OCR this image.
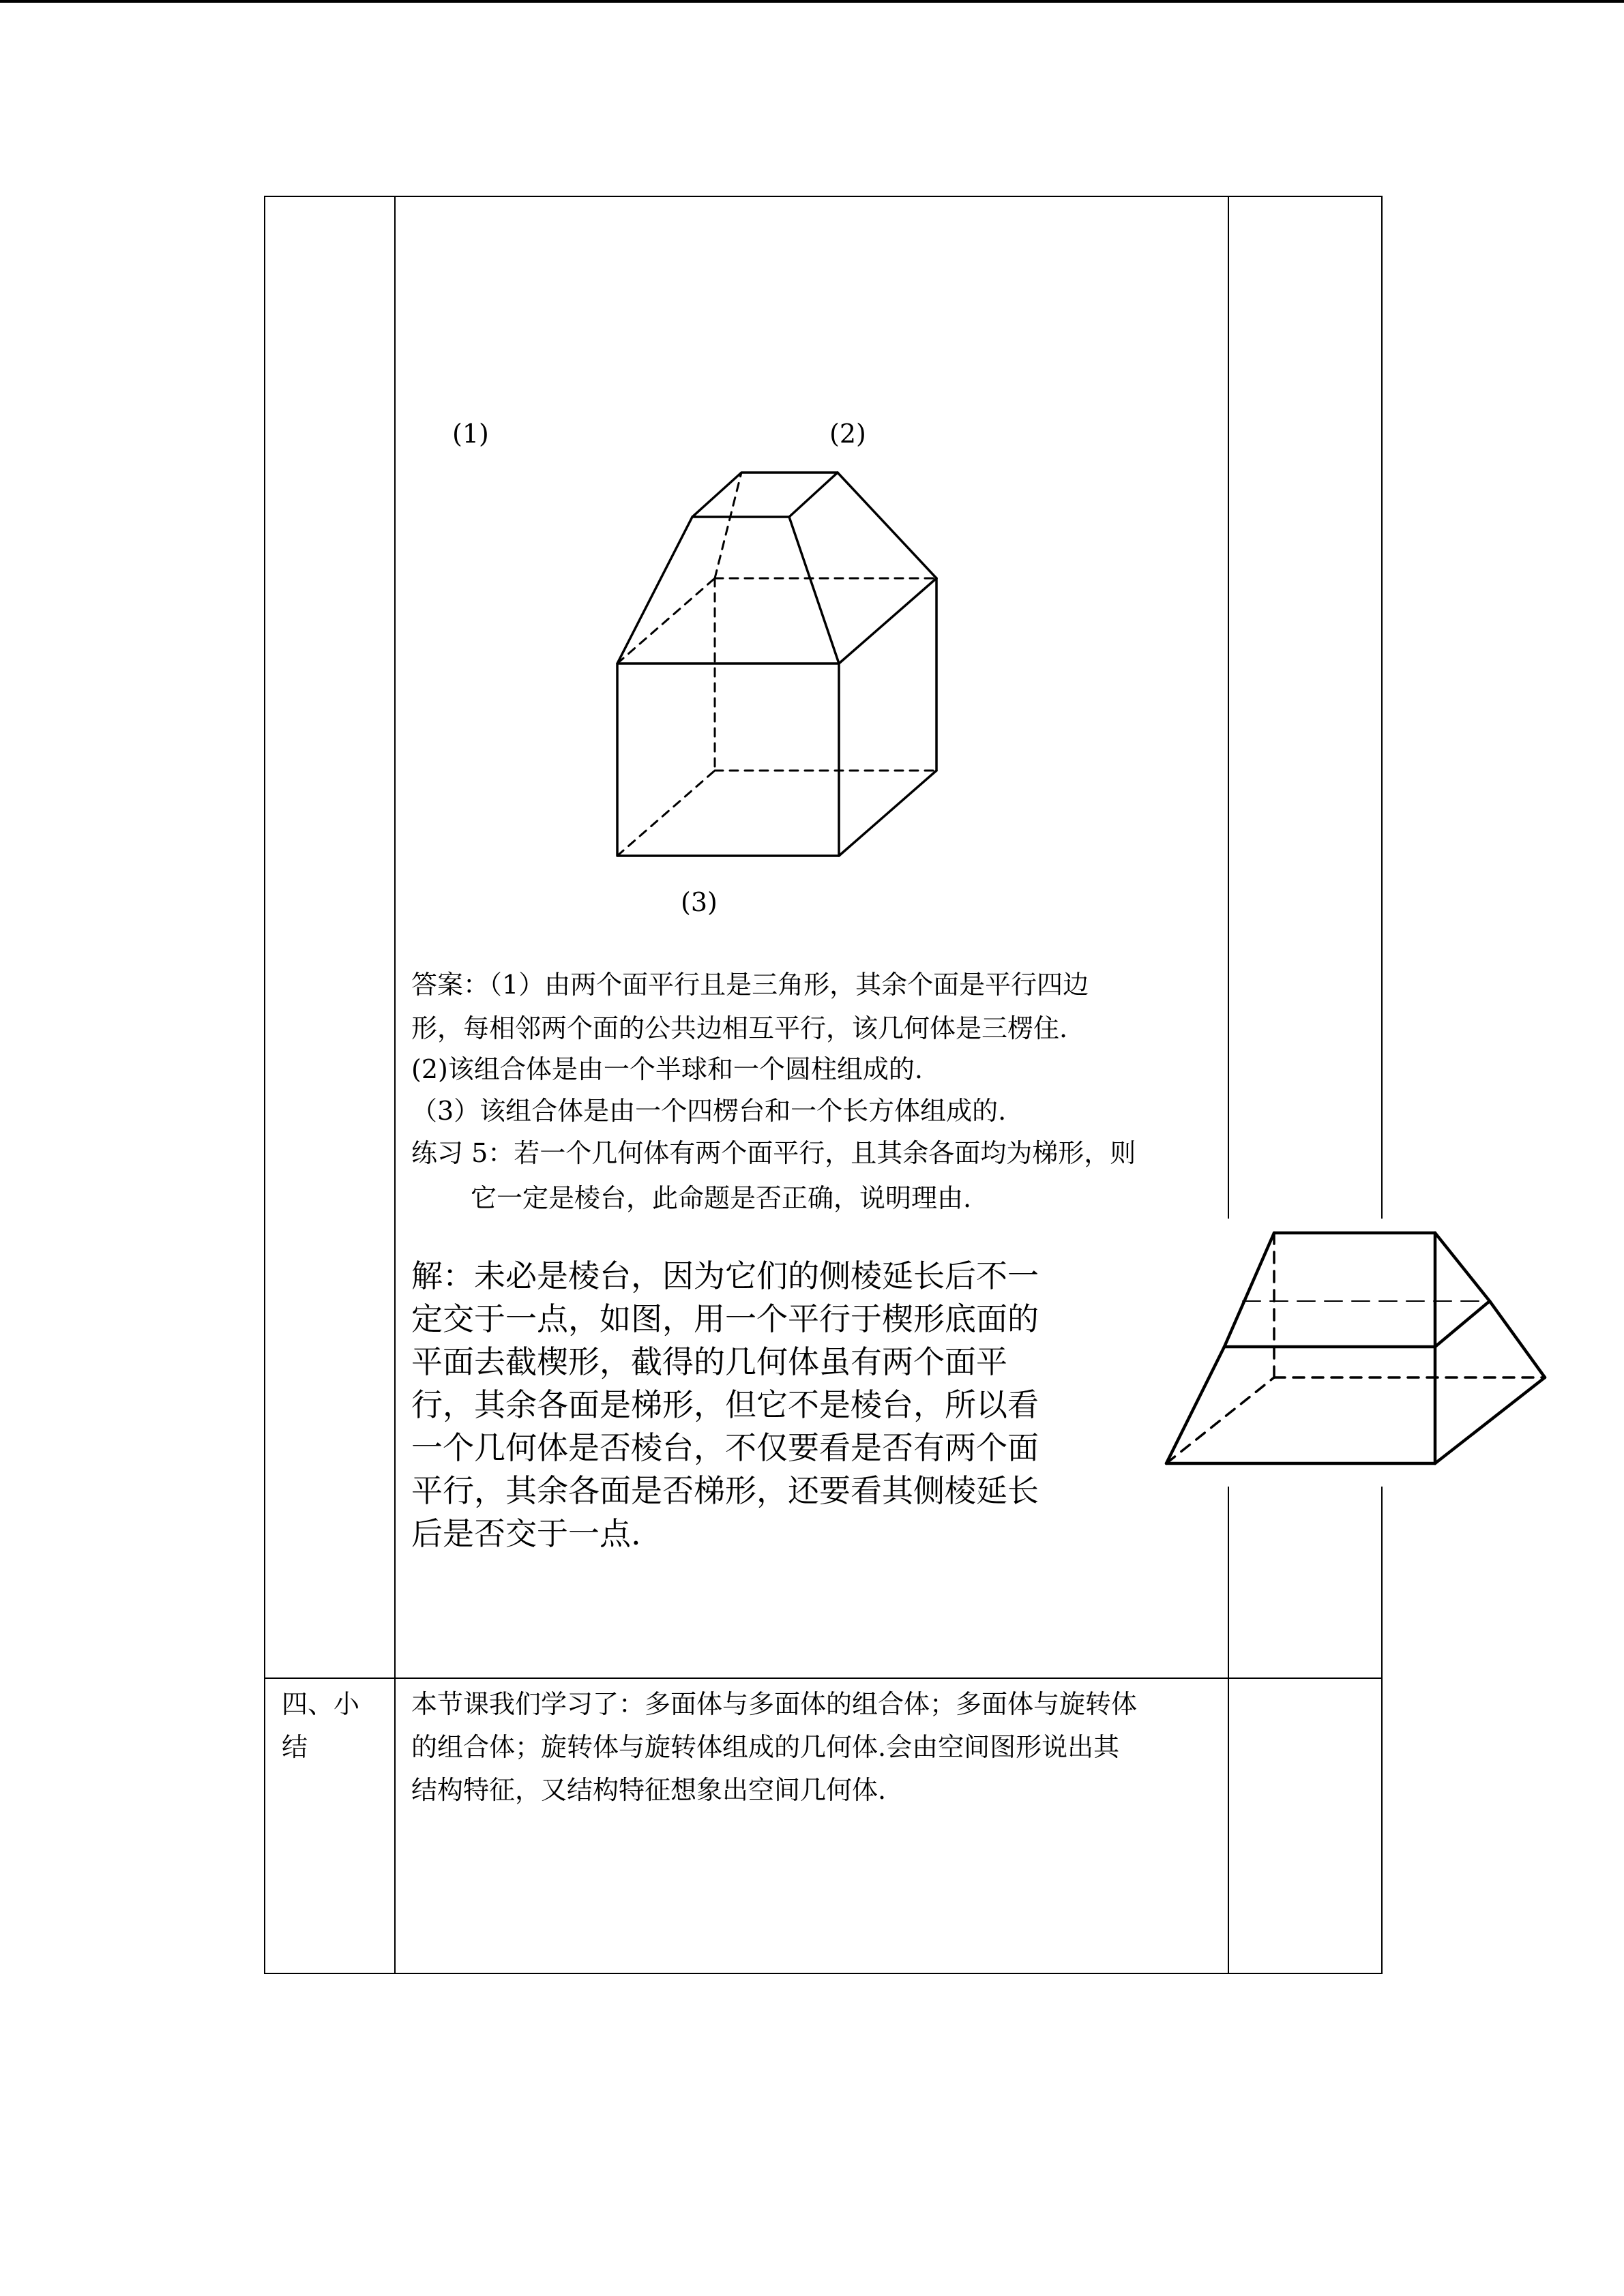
(1)	(2)
(3)
答案：（1）由两个面平行且是三角形，其余个面是平行四边
形，每相邻两个面的公共边相互平行，该几何体是三楞住.
(2)该组合体是由一个半球和一个圆柱组成的.
（3）该组合体是由一个四楞台和一个长方体组成的.
练习 5：若一个几何体有两个面平行，且其余各面均为梯形，则
它一定是棱台，此命题是否正确，说明理由.
解：未必是棱台，因为它们的侧棱延长后不一
定交于一点，如图，用一个平行于楔形底面的
平面去截楔形，截得的几何体虽有两个面平
行，其余各面是梯形，但它不是棱台，所以看
一个几何体是否棱台，不仅要看是否有两个面
平行，其余各面是否梯形，还要看其侧棱延长
后是否交于一点.
四、小
结
本节课我们学习了：多面体与多面体的组合体；多面体与旋转体
的组合体；旋转体与旋转体组成的几何体.会由空间图形说出其
结构特征，又结构特征想象出空间几何体.
